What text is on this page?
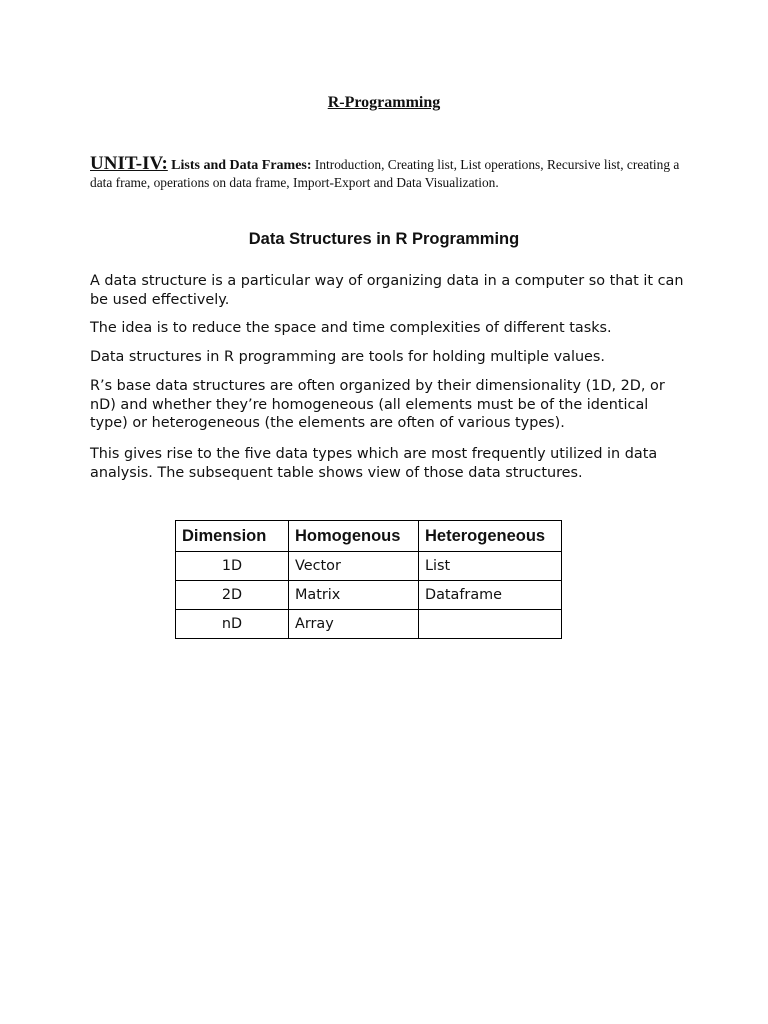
R-Programming
UNIT-IV: Lists and Data Frames: Introduction, Creating list, List operations, Recursive list, creating a data frame, operations on data frame, Import-Export and Data Visualization.
Data Structures in R Programming

A data structure is a particular way of organizing data in a computer so that it can be used effectively.

The idea is to reduce the space and time complexities of different tasks.

Data structures in R programming are tools for holding multiple values.

R’s base data structures are often organized by their dimensionality (1D, 2D, or nD) and whether they’re homogeneous (all elements must be of the identical type) or heterogeneous (the elements are often of various types).

This gives rise to the five data types which are most frequently utilized in data analysis. The subsequent table shows view of those data structures.

Dimension	Homogenous	Heterogeneous
1D	Vector	List
2D	Matrix	Dataframe
nD	Array	
